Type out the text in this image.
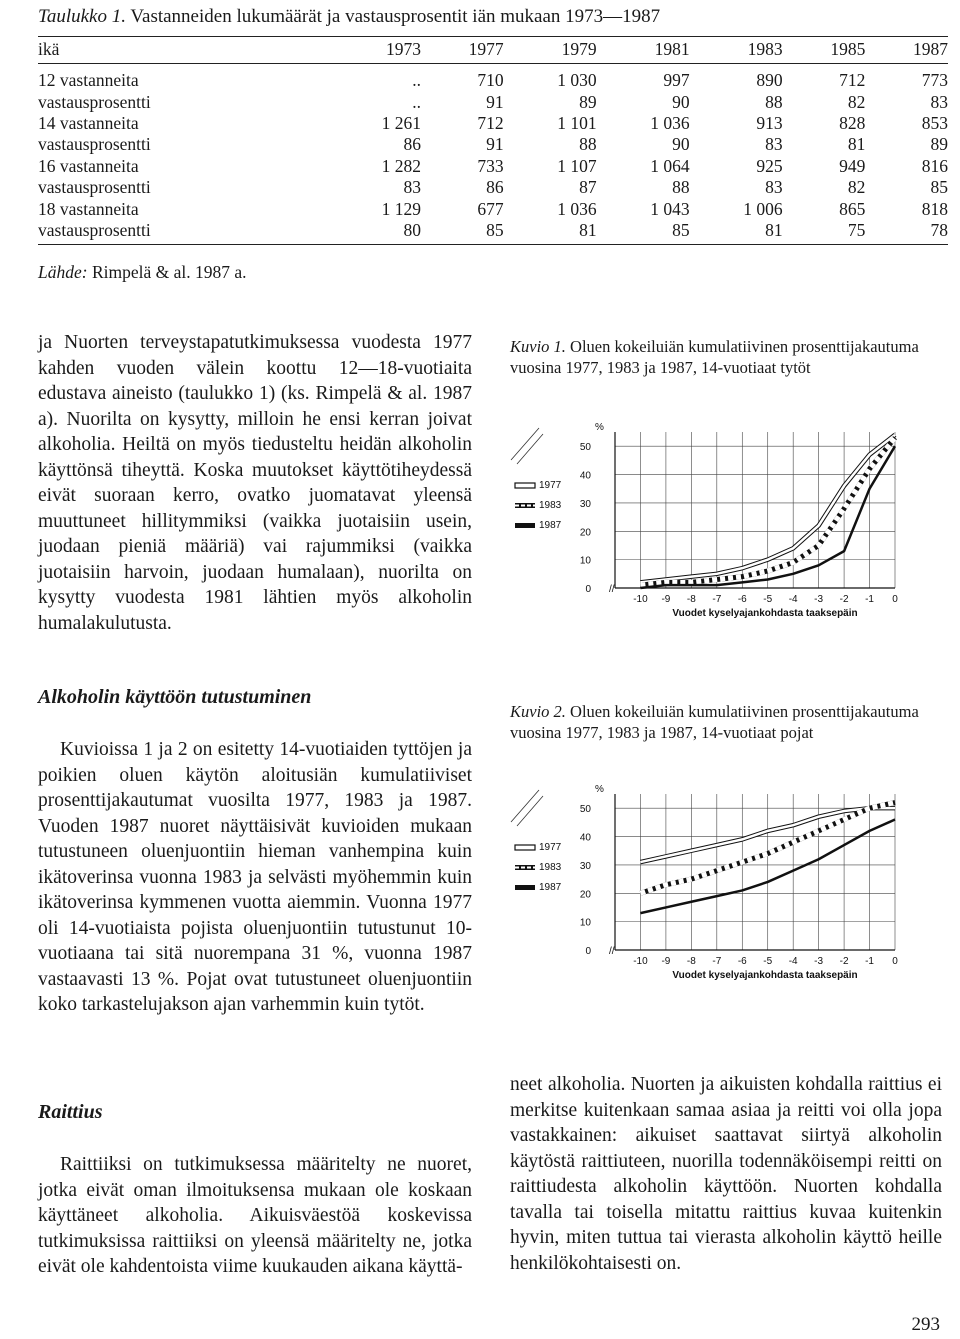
Taulukko 1. Vastanneiden lukumäärät ja vastausprosentit iän mukaan 1973—1987
ikä	1973	1977	1979	1981	1983	1985	1987
12 vastanneita	..	710	1 030	997	890	712	773
vastausprosentti	..	91	89	90	88	82	83
14 vastanneita	1 261	712	1 101	1 036	913	828	853
vastausprosentti	86	91	88	90	83	81	89
16 vastanneita	1 282	733	1 107	1 064	925	949	816
vastausprosentti	83	86	87	88	83	82	85
18 vastanneita	1 129	677	1 036	1 043	1 006	865	818
vastausprosentti	80	85	81	85	81	75	78
Lähde: Rimpelä & al. 1987 a.

ja Nuorten terveystapatutkimuksessa vuodesta 1977 kahden vuoden välein koottu 12—18-vuotiaita edustava aineisto (taulukko 1) (ks. Rimpelä & al. 1987 a). Nuorilta on kysytty, milloin he ensi kerran joivat alkoholia. Heiltä on myös tiedusteltu heidän alkoholin käyttönsä tiheyttä. Koska muutokset käyttötiheydessä eivät suoraan kerro, ovatko juomatavat yleensä muuttuneet hillitymmiksi (vaikka juotaisiin usein, juodaan pieniä määriä) vai rajummiksi (vaikka juotaisiin harvoin, juodaan humalaan), nuorilta on kysytty vuodesta 1981 lähtien myös alkoholin humalakulutusta.

Alkoholin käyttöön tutustuminen

Kuvioissa 1 ja 2 on esitetty 14-vuotiaiden tyttöjen ja poikien oluen käytön aloitusiän kumulatiiviset prosenttijakautumat vuosilta 1977, 1983 ja 1987. Vuoden 1987 nuoret näyttäisivät kuvioiden mukaan tutustuneen oluenjuontiin hieman vanhempina kuin ikätoverinsa vuonna 1983 ja selvästi myöhemmin kuin ikätoverinsa kymmenen vuotta aiemmin. Vuonna 1977 oli 14-vuotiaista pojista oluenjuontiin tutustunut 10-vuotiaana tai sitä nuorempana 31 %, vuonna 1987 vastaavasti 13 %. Pojat ovat tutustuneet oluenjuontiin koko tarkastelujakson ajan varhemmin kuin tytöt.

Raittius

Raittiiksi on tutkimuksessa määritelty ne nuoret, jotka eivät oman ilmoituksensa mukaan ole koskaan käyttäneet alkoholia. Aikuisväestöä koskevissa tutkimuksissa raittiiksi on yleensä määritelty ne, jotka eivät ole kahdentoista viime kuukauden aikana käyttä-

Kuvio 1. Oluen kokeiluiän kumulatiivinen prosenttijakautuma vuosina 1977, 1983 ja 1987, 14-vuotiaat tytöt
%
50
40
30
20
10
0
-10 -9 -8 -7 -6 -5 -4 -3 -2 -1 0
Vuodet kyselyajankohdasta taaksepäin
//
1977
1983
1987
Kuvio 2. Oluen kokeiluiän kumulatiivinen prosenttijakautuma vuosina 1977, 1983 ja 1987, 14-vuotiaat pojat
%
50
40
30
20
10
0
-10 -9 -8 -7 -6 -5 -4 -3 -2 -1 0
Vuodet kyselyajankohdasta taaksepäin
//
1977
1983
1987

neet alkoholia. Nuorten ja aikuisten kohdalla raittius ei merkitse kuitenkaan samaa asiaa ja reitti voi olla jopa vastakkainen: aikuiset saattavat siirtyä alkoholin käytöstä raittiuteen, nuorilla todennäköisempi reitti on raittiudesta alkoholin käyttöön. Nuorten kohdalla tavalla tai toisella mitattu raittius kuvaa kuitenkin hyvin, miten tuttua tai vierasta alkoholin käyttö heille henkilökohtaisesti on.

293
